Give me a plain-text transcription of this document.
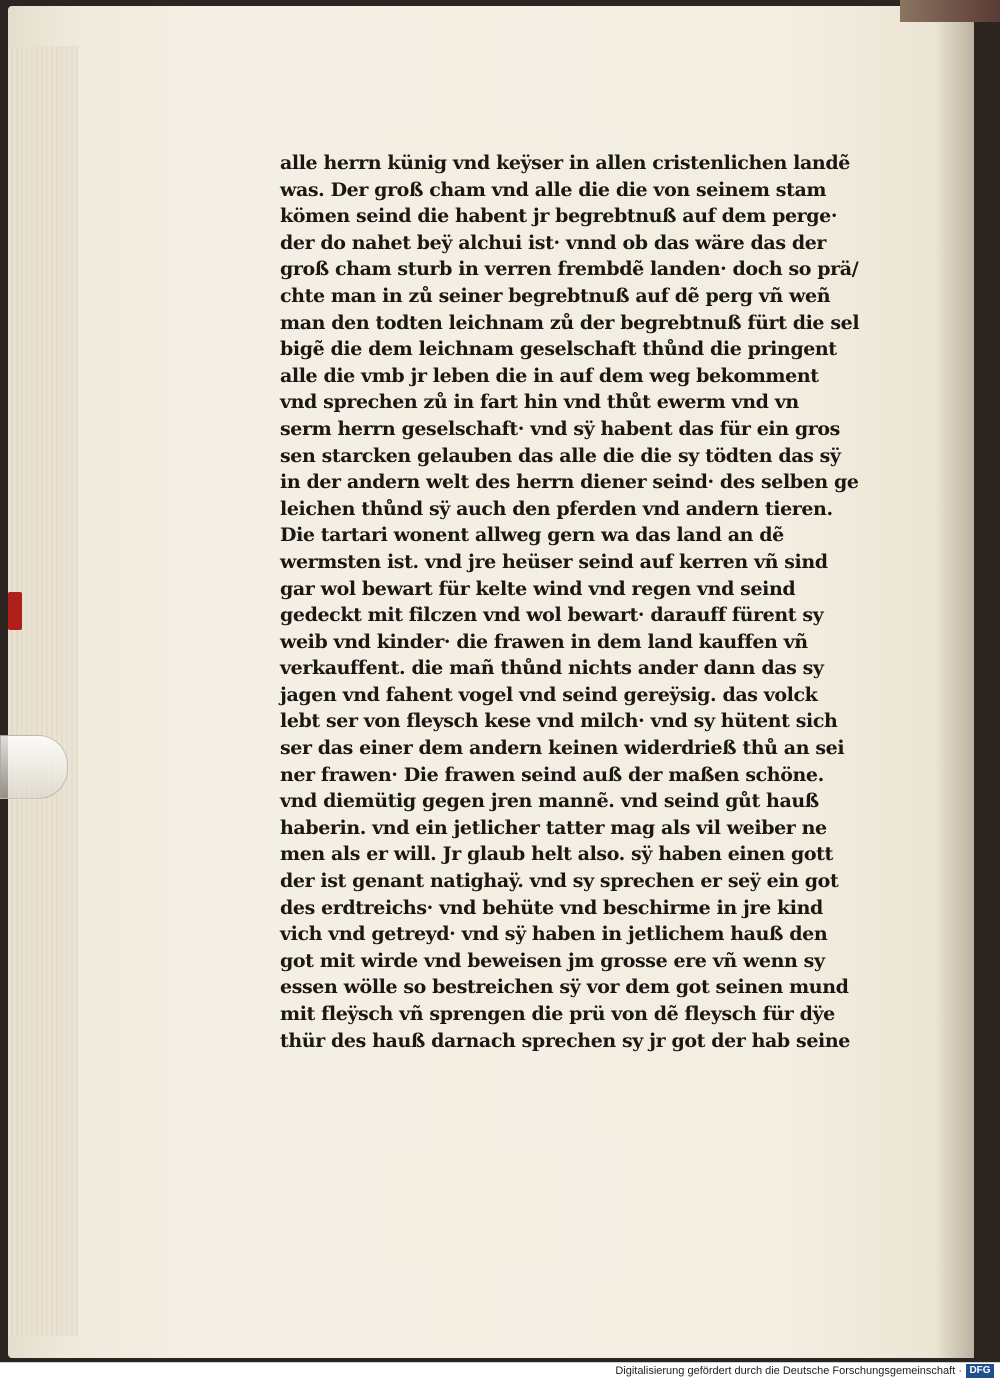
alle herrn künig vnd keÿser in allen cristenlichen landẽ
was. Der groß cham vnd alle die die von seinem stam
kömen seind die habent jr begrebtnuß auf dem perge·
der do nahet beÿ alchui ist· vnnd ob das wäre das der
groß cham sturb in verren frembdẽ landen· doch so prä/
chte man in zů seiner begrebtnuß auf dẽ perg vñ weñ
man den todten leichnam zů der begrebtnuß fürt die sel
bigẽ die dem leichnam geselschaft thůnd die pringent
alle die vmb jr leben die in auf dem weg bekomment
vnd sprechen zů in fart hin vnd thůt ewerm vnd vn
serm herrn geselschaft· vnd sÿ habent das für ein gros
sen starcken gelauben das alle die die sy tödten das sÿ
in der andern welt des herrn diener seind· des selben ge
leichen thůnd sÿ auch den pferden vnd andern tieren.
Die tartari wonent allweg gern wa das land an dẽ
wermsten ist. vnd jre heüser seind auf kerren vñ sind
gar wol bewart für kelte wind vnd regen vnd seind
gedeckt mit filczen vnd wol bewart· darauff fürent sy
weib vnd kinder· die frawen in dem land kauffen vñ
verkauffent. die mañ thůnd nichts ander dann das sy
jagen vnd fahent vogel vnd seind gereÿsig. das volck
lebt ser von fleysch kese vnd milch· vnd sy hütent sich
ser das einer dem andern keinen widerdrieß thů an sei
ner frawen· Die frawen seind auß der maßen schöne.
vnd diemütig gegen jren mannẽ. vnd seind gůt hauß
haberin. vnd ein jetlicher tatter mag als vil weiber ne
men als er will. Jr glaub helt also. sÿ haben einen gott
der ist genant natighaÿ. vnd sy sprechen er seÿ ein got
des erdtreichs· vnd behüte vnd beschirme in jre kind
vich vnd getreyd· vnd sÿ haben in jetlichem hauß den
got mit wirde vnd beweisen jm grosse ere vñ wenn sy
essen wölle so bestreichen sÿ vor dem got seinen mund
mit fleÿsch vñ sprengen die prü von dẽ fleysch für dÿe
thür des hauß darnach sprechen sy jr got der hab seine
Digitalisierung gefördert durch die Deutsche Forschungsgemeinschaft · DFG
